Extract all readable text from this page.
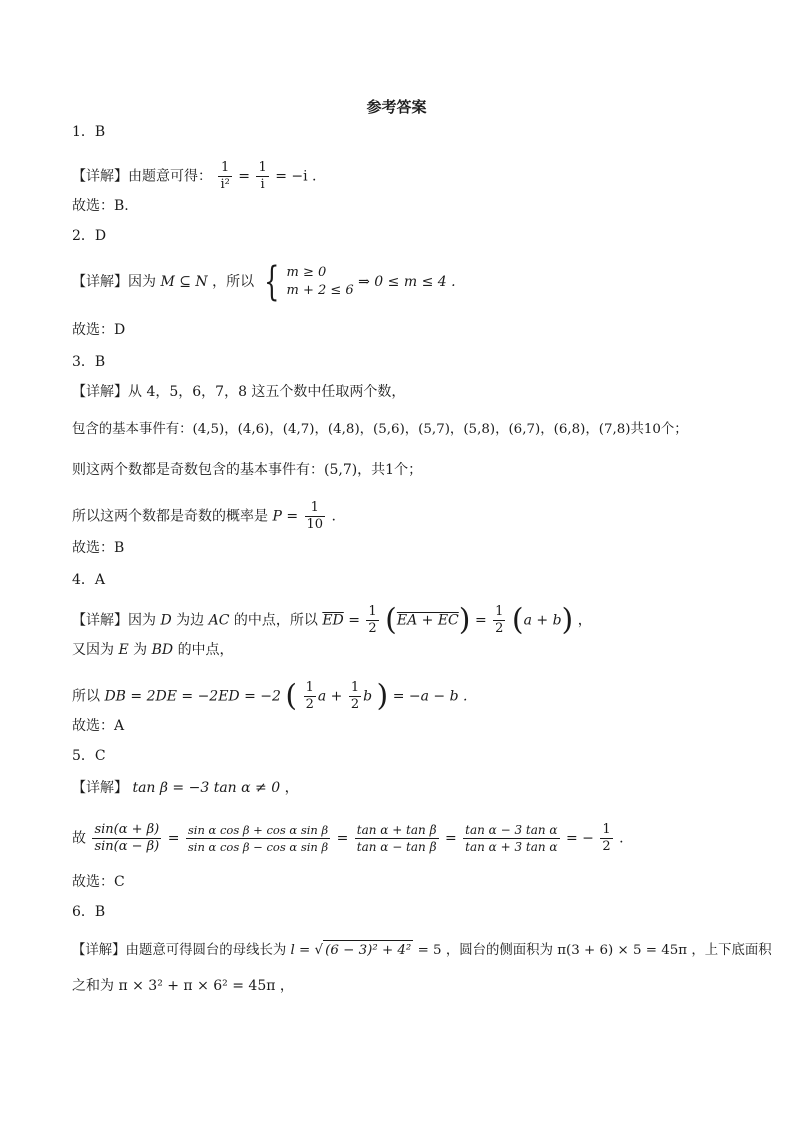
参考答案
1．B
【详解】由题意可得： $\frac{1}{\text{i²}} = \frac{1}{i} = -i$ .
故选：B.
2．D
【详解】因为 M ⊆ N ，所以 { m ≥ 0
m + 2 ≤ 6
⇒ 0 ≤ m ≤ 4 .
故选：D
3．B
【详解】从 4，5，6，7，8 这五个数中任取两个数，
包含的基本事件有：(4,5)，(4,6)，(4,7)，(4,8)，(5,6)，(5,7)，(5,8)，(6,7)，(6,8)，(7,8)共10个；
则这两个数都是奇数包含的基本事件有：(5,7)，共1个；
所以这两个数都是奇数的概率是 $P = \frac{1}{10}$ .
故选：B
4．A
【详解】因为 D 为边 AC 的中点，所以 $\overline{ED} = \frac{1}{2} (EA + EC) = \frac{1}{2} (a + b)$ ，
又因为 E 为 BD 的中点，
所以 DB = 2DE = −2ED = −2 ( $\frac{1}{2}$ $a + \frac{1}{2}$ b ) = −a − b .
故选：A
5．C
【详解】 tan β = −3 tan α ≠ 0 ，
故 $\frac{\sin(\alpha + \beta)}{\sin(\alpha - \beta)} = \frac{\text{sin α cos β + cos α sin β}}{\text{sin α cos β − cos α sin β}} = \frac{\text{tan α + tan β}}{\text{tan α − tan β}} = \frac{\text{tan α − 3 tan α}}{\text{tan α + 3 tan α}}$ = − $\frac{1}{2}$ .
故选：C
6．B
【详解】由题意可得圆台的母线长为 l = √ (6 − 3)² + 4² = 5 ，圆台的侧面积为 π(3 + 6) × 5 = 45π ，上下底面积
之和为 π × 3² + π × 6² = 45π ，
